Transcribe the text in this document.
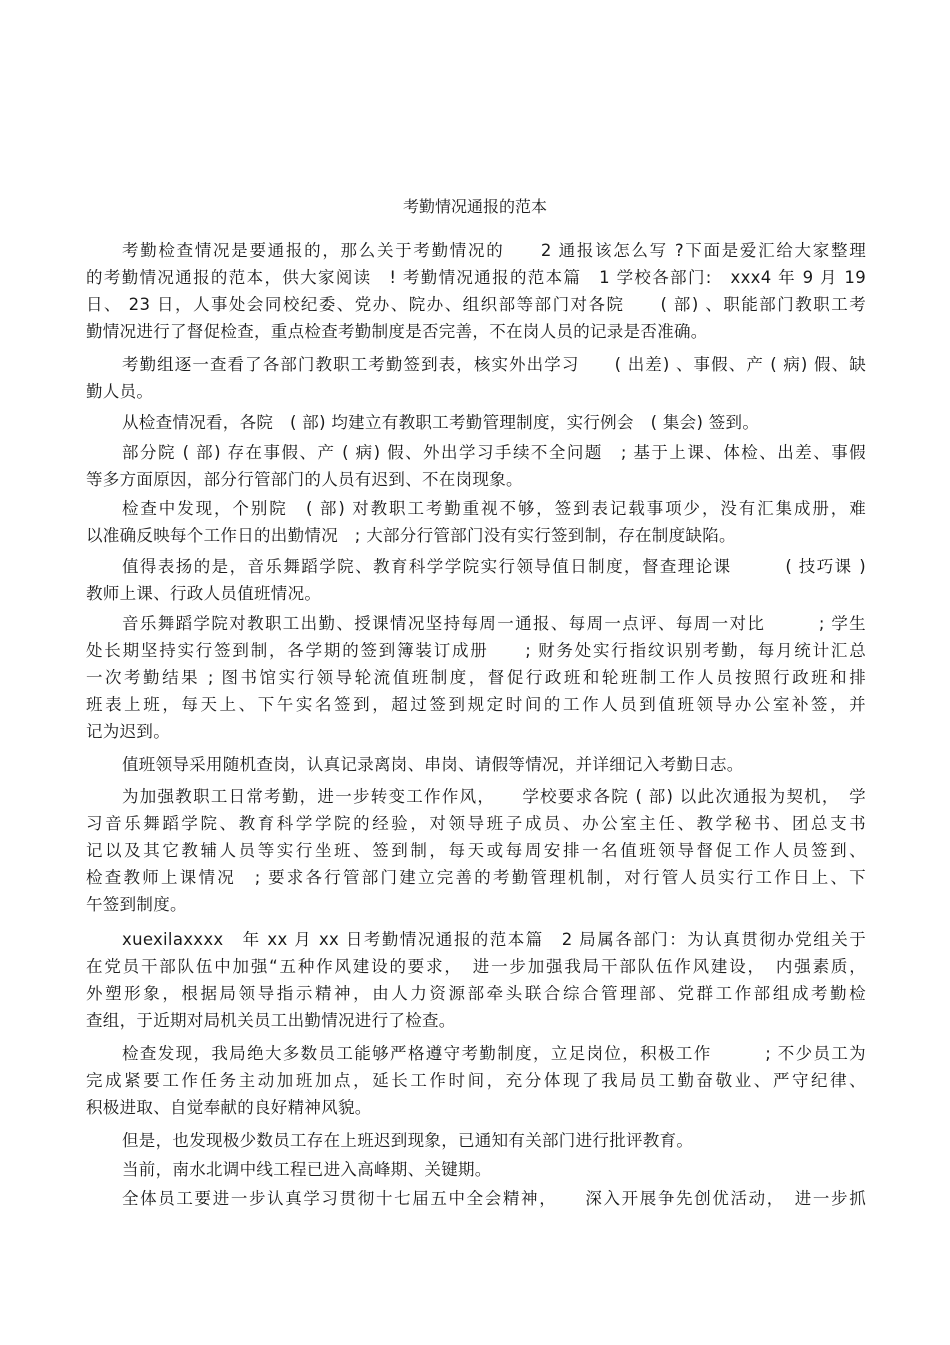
考勤情况通报的范本
考勤检查情况是要通报的，那么关于考勤情况的　　2 通报该怎么写 ?下面是爱汇给大家整理
的考勤情况通报的范本，供大家阅读　! 考勤情况通报的范本篇　1 学校各部门:　xxx4 年 9 月 19
日、 23 日，人事处会同校纪委、党办、院办、组织部等部门对各院　　( 部) 、职能部门教职工考
勤情况进行了督促检查，重点检查考勤制度是否完善，不在岗人员的记录是否准确。
考勤组逐一查看了各部门教职工考勤签到表，核实外出学习　　( 出差) 、事假、产 ( 病) 假、缺
勤人员。
从检查情况看，各院　( 部) 均建立有教职工考勤管理制度，实行例会　( 集会) 签到。
部分院 ( 部) 存在事假、产 ( 病) 假、外出学习手续不全问题　; 基于上课、体检、出差、事假
等多方面原因，部分行管部门的人员有迟到、不在岗现象。
检查中发现，个别院　( 部) 对教职工考勤重视不够，签到表记载事项少，没有汇集成册，难
以准确反映每个工作日的出勤情况　; 大部分行管部门没有实行签到制，存在制度缺陷。
值得表扬的是，音乐舞蹈学院、教育科学学院实行领导值日制度，督查理论课　　　( 技巧课 )
教师上课、行政人员值班情况。
音乐舞蹈学院对教职工出勤、授课情况坚持每周一通报、每周一点评、每周一对比　　　; 学生
处长期坚持实行签到制，各学期的签到簿装订成册　　; 财务处实行指纹识别考勤，每月统计汇总
一次考勤结果 ; 图书馆实行领导轮流值班制度，督促行政班和轮班制工作人员按照行政班和排
班表上班，每天上、下午实名签到，超过签到规定时间的工作人员到值班领导办公室补签，并
记为迟到。
值班领导采用随机查岗，认真记录离岗、串岗、请假等情况，并详细记入考勤日志。
为加强教职工日常考勤，进一步转变工作作风，　　学校要求各院 ( 部) 以此次通报为契机，　学
习音乐舞蹈学院、教育科学学院的经验，对领导班子成员、办公室主任、教学秘书、团总支书
记以及其它教辅人员等实行坐班、签到制，每天或每周安排一名值班领导督促工作人员签到、
检查教师上课情况　; 要求各行管部门建立完善的考勤管理机制，对行管人员实行工作日上、下
午签到制度。
xuexilaxxxx　年 xx 月 xx 日考勤情况通报的范本篇　2 局属各部门：为认真贯彻办党组关于
在党员干部队伍中加强“五种作风建设的要求，　进一步加强我局干部队伍作风建设，　内强素质，
外塑形象，根据局领导指示精神，由人力资源部牵头联合综合管理部、党群工作部组成考勤检
查组，于近期对局机关员工出勤情况进行了检查。
检查发现，我局绝大多数员工能够严格遵守考勤制度，立足岗位，积极工作　　　; 不少员工为
完成紧要工作任务主动加班加点，延长工作时间，充分体现了我局员工勤奋敬业、严守纪律、
积极进取、自觉奉献的良好精神风貌。
但是，也发现极少数员工存在上班迟到现象，已通知有关部门进行批评教育。
当前，南水北调中线工程已进入高峰期、关键期。
全体员工要进一步认真学习贯彻十七届五中全会精神，　　深入开展争先创优活动，　进一步抓
